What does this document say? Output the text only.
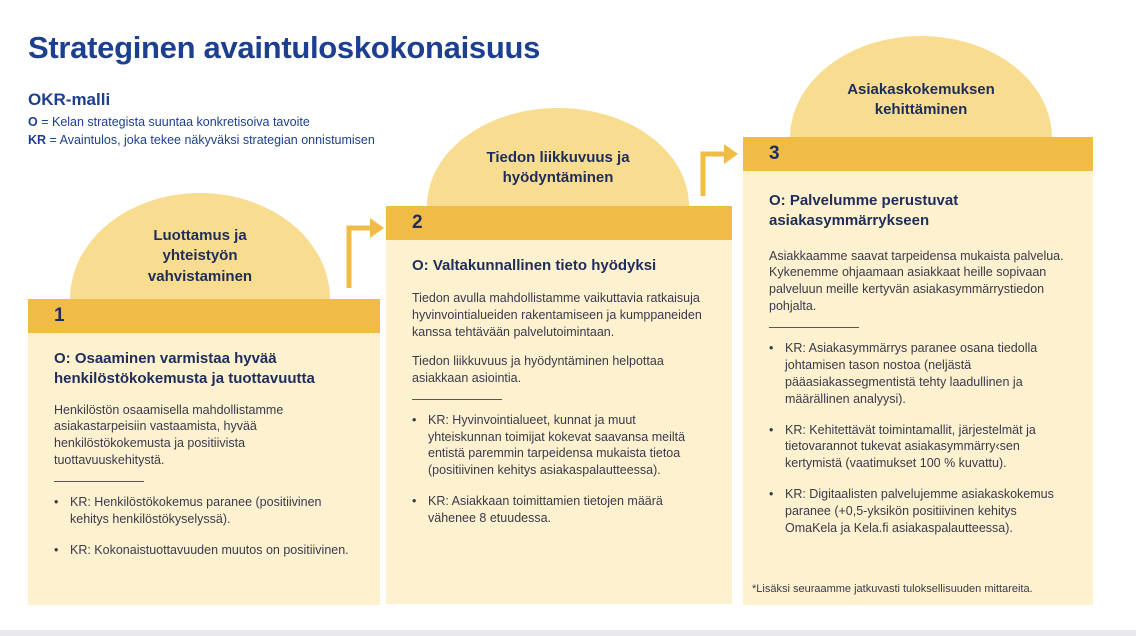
Strateginen avaintuloskokonaisuus
OKR-malli
O = Kelan strategista suuntaa konkretisoiva tavoite
KR = Avaintulos, joka tekee näkyväksi strategian onnistumisen
Luottamus ja
yhteistyön
vahvistaminen
1
O: Osaaminen varmistaa hyvää henkilöstökokemusta ja tuottavuutta
Henkilöstön osaamisella mahdollistamme asiakastarpeisiin vastaamista, hyvää henkilöstökokemusta ja positiivista tuottavuuskehitystä.
• KR: Henkilöstökokemus paranee (positiivinen kehitys henkilöstökyselyssä).
• KR: Kokonaistuottavuuden muutos on positiivinen.
Tiedon liikkuvuus ja
hyödyntäminen
2
O: Valtakunnallinen tieto hyödyksi
Tiedon avulla mahdollistamme vaikuttavia ratkaisuja hyvinvointialueiden rakentamiseen ja kumppaneiden kanssa tehtävään palvelutoimintaan.
Tiedon liikkuvuus ja hyödyntäminen helpottaa asiakkaan asiointia.
• KR: Hyvinvointialueet, kunnat ja muut yhteiskunnan toimijat kokevat saavansa meiltä entistä paremmin tarpeidensa mukaista tietoa (positiivinen kehitys asiakaspalautteessa).
• KR: Asiakkaan toimittamien tietojen määrä vähenee 8 etuudessa.
Asiakaskokemuksen
kehittäminen
3
O: Palvelumme perustuvat asiakasymmärrykseen
Asiakkaamme saavat tarpeidensa mukaista palvelua. Kykenemme ohjaamaan asiakkaat heille sopivaan palveluun meille kertyvän asiakasymmärrystiedon pohjalta.
• KR: Asiakasymmärrys paranee osana tiedolla johtamisen tason nostoa (neljästä pääasiakassegmentistä tehty laadullinen ja määrällinen analyysi).
• KR: Kehitettävät toimintamallit, järjestelmät ja tietovarannot tukevat asiakasymmärry‹sen kertymistä (vaatimukset 100 % kuvattu).
• KR: Digitaalisten palvelujemme asiakaskokemus paranee (+0,5-yksikön positiivinen kehitys OmaKela ja Kela.fi asiakaspalautteessa).
*Lisäksi seuraamme jatkuvasti tuloksellisuuden mittareita.
